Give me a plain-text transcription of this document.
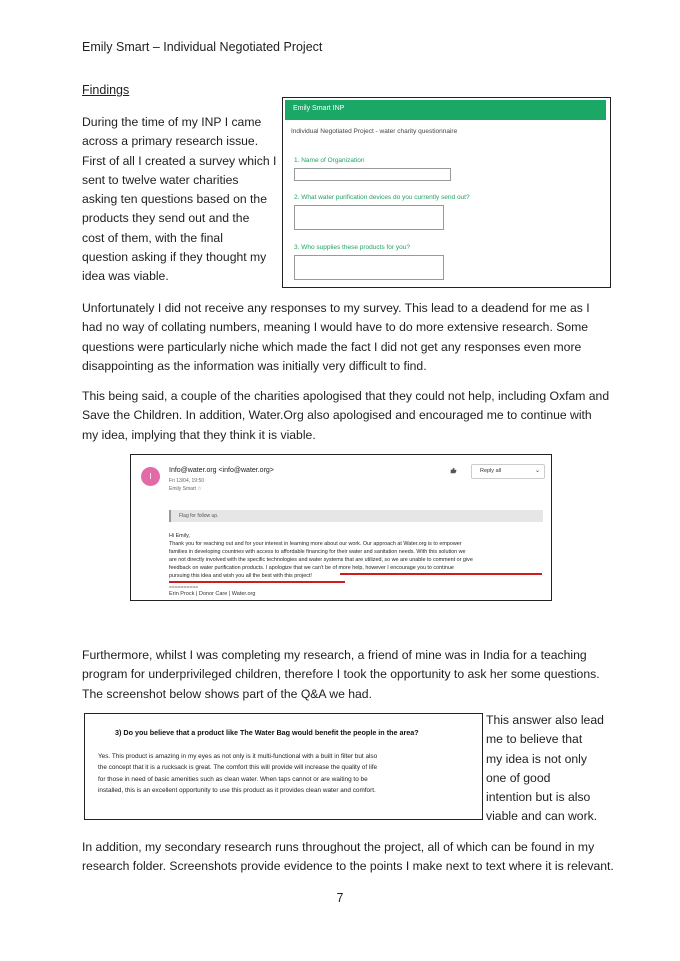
Emily Smart – Individual Negotiated Project
Findings

During the time of my INP I came
across a primary research issue.
First of all I created a survey which I
sent to twelve water charities
asking ten questions based on the
products they send out and the
cost of them, with the final
question asking if they thought my
idea was viable.

Emily Smart INP
Individual Negotiated Project - water charity questionnaire
1. Name of Organization
2. What water purification devices do you currently send out?
3. Who supplies these products for you?

Unfortunately I did not receive any responses to my survey. This lead to a deadend for me as I
had no way of collating numbers, meaning I would have to do more extensive research. Some
questions were particularly niche which made the fact I did not get any responses even more
disappointing as the information was initially very difficult to find.

This being said, a couple of the charities apologised that they could not help, including Oxfam and
Save the Children. In addition, Water.Org also apologised and encouraged me to continue with
my idea, implying that they think it is viable.

I
Info@water.org <info@water.org>
Fri 13/04, 19:50
Emily Smart ☆
Reply all	⌄
Flag for follow up.
Hi Emily,
Thank you for reaching out and for your interest in learning more about our work. Our approach at Water.org is to empower
families in developing countries with access to affordable financing for their water and sanitation needs. With this solution we
are not directly involved with the specific technologies and water systems that are utilized, so we are unable to comment or give
feedback on water purification products. I apologize that we can't be of more help, however I encourage you to continue
pursuing this idea and wish you all the best with this project!
==========
Erin Prock | Donor Care | Water.org

Furthermore, whilst I was completing my research, a friend of mine was in India for a teaching
program for underprivileged children, therefore I took the opportunity to ask her some questions.
The screenshot below shows part of the Q&A we had.

3) Do you believe that a product like The Water Bag would benefit the people in the area?
Yes. This product is amazing in my eyes as not only is it multi-functional with a built in filter but also
the concept that it is a rucksack is great. The comfort this will provide will increase the quality of life
for those in need of basic amenities such as clean water. When taps cannot or are waiting to be
installed, this is an excellent opportunity to use this product as it provides clean water and comfort.

This answer also lead
me to believe that
my idea is not only
one of good
intention but is also
viable and can work.

In addition, my secondary research runs throughout the project, all of which can be found in my
research folder. Screenshots provide evidence to the points I make next to text where it is relevant.

7
